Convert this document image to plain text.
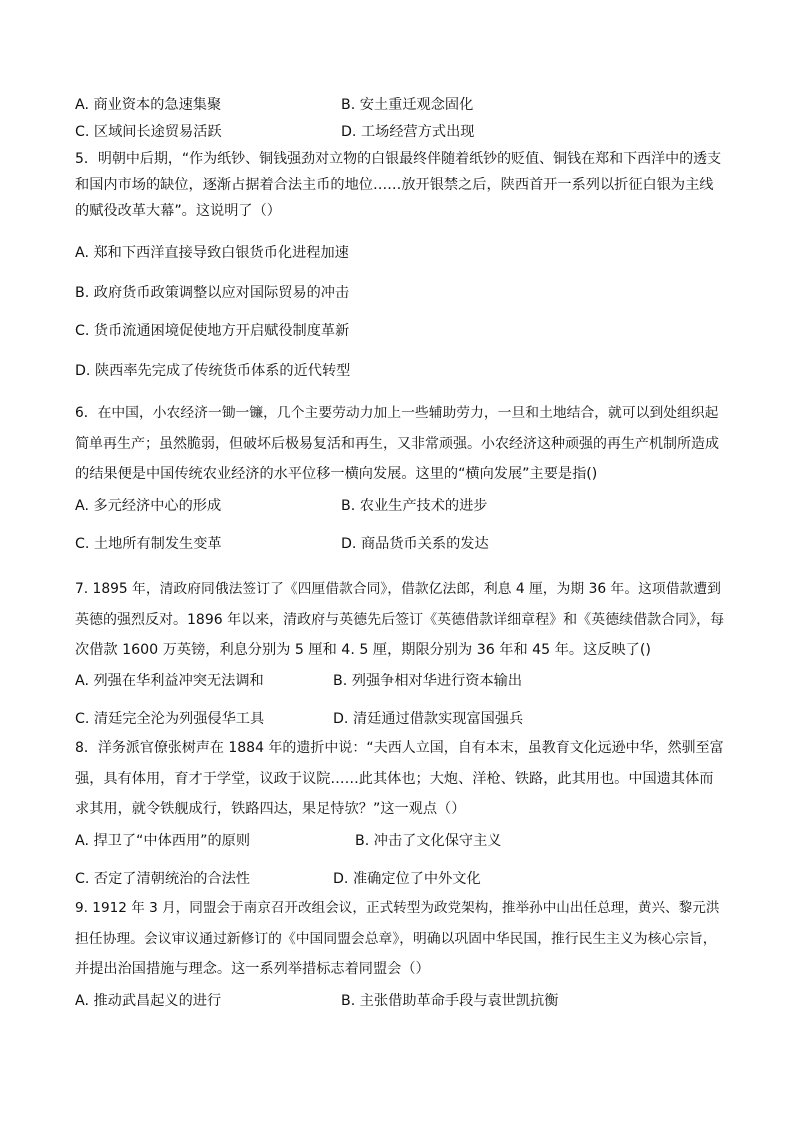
A. 商业资本的急速集聚	B. 安土重迁观念固化
C. 区域间长途贸易活跃	D. 工场经营方式出现
5．明朝中后期，“作为纸钞、铜钱强劲对立物的白银最终伴随着纸钞的贬值、铜钱在郑和下西洋中的透支
和国内市场的缺位，逐渐占据着合法主币的地位……放开银禁之后，陕西首开一系列以折征白银为主线
的赋役改革大幕”。这说明了（）
A. 郑和下西洋直接导致白银货币化进程加速
B. 政府货币政策调整以应对国际贸易的冲击
C. 货币流通困境促使地方开启赋役制度革新
D. 陕西率先完成了传统货币体系的近代转型
6．在中国，小农经济一锄一镰，几个主要劳动力加上一些辅助劳力，一旦和土地结合，就可以到处组织起
简单再生产；虽然脆弱，但破坏后极易复活和再生，又非常顽强。小农经济这种顽强的再生产机制所造成
的结果便是中国传统农业经济的水平位移一横向发展。这里的“横向发展”主要是指()
A. 多元经济中心的形成	B. 农业生产技术的进步
C. 土地所有制发生变革	D. 商品货币关系的发达
7. 1895 年，清政府同俄法签订了《四厘借款合同》，借款亿法郎，利息 4 厘，为期 36 年。这项借款遭到
英德的强烈反对。1896 年以来，清政府与英德先后签订《英德借款详细章程》和《英德续借款合同》，每
次借款 1600 万英镑，利息分别为 5 厘和 4. 5 厘，期限分别为 36 年和 45 年。这反映了()
A. 列强在华利益冲突无法调和	B. 列强争相对华进行资本输出
C. 清廷完全沦为列强侵华工具	D. 清廷通过借款实现富国强兵
8．洋务派官僚张树声在 1884 年的遗折中说：“夫西人立国，自有本末，虽教育文化远逊中华，然驯至富
强，具有体用，育才于学堂，议政于议院……此其体也；大炮、洋枪、铁路，此其用也。中国遗其体而
求其用，就令铁舰成行，铁路四达，果足恃欤？”这一观点（）
A. 捍卫了“中体西用”的原则	B. 冲击了文化保守主义
C. 否定了清朝统治的合法性	D. 准确定位了中外文化
9. 1912 年 3 月，同盟会于南京召开改组会议，正式转型为政党架构，推举孙中山出任总理，黄兴、黎元洪
担任协理。会议审议通过新修订的《中国同盟会总章》，明确以巩固中华民国，推行民生主义为核心宗旨，
并提出治国措施与理念。这一系列举措标志着同盟会（）
A. 推动武昌起义的进行	B. 主张借助革命手段与袁世凯抗衡
